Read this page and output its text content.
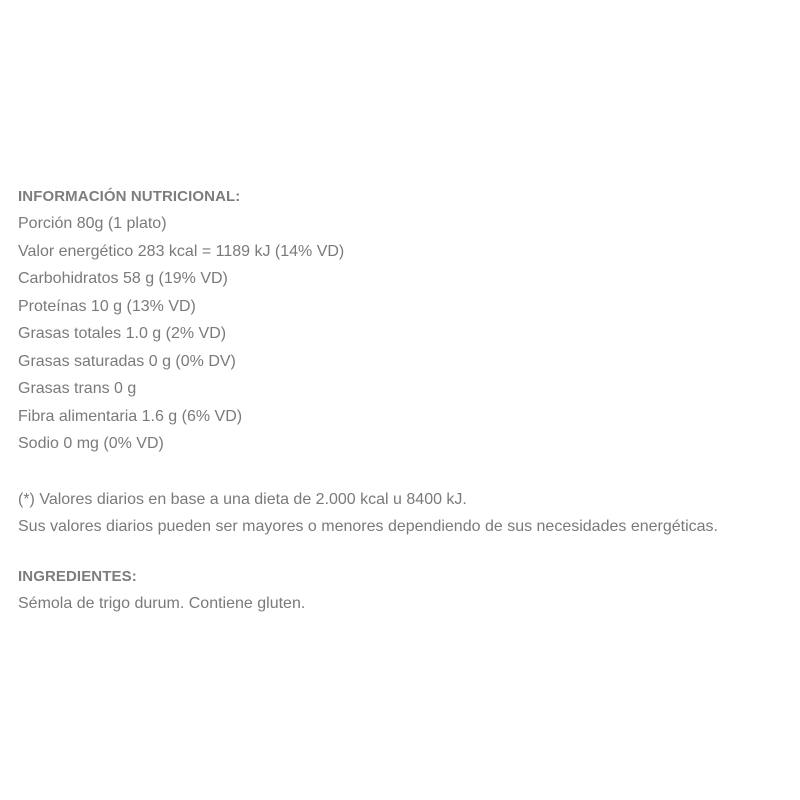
INFORMACIÓN NUTRICIONAL:
Porción 80g (1 plato)
Valor energético 283 kcal = 1189 kJ (14% VD)
Carbohidratos 58 g (19% VD)
Proteínas 10 g (13% VD)
Grasas totales 1.0 g (2% VD)
Grasas saturadas 0 g (0% DV)
Grasas trans 0 g
Fibra alimentaria 1.6 g (6% VD)
Sodio 0 mg (0% VD)
(*) Valores diarios en base a una dieta de 2.000 kcal u 8400 kJ.
Sus valores diarios pueden ser mayores o menores dependiendo de sus necesidades energéticas.
INGREDIENTES:
Sémola de trigo durum. Contiene gluten.
